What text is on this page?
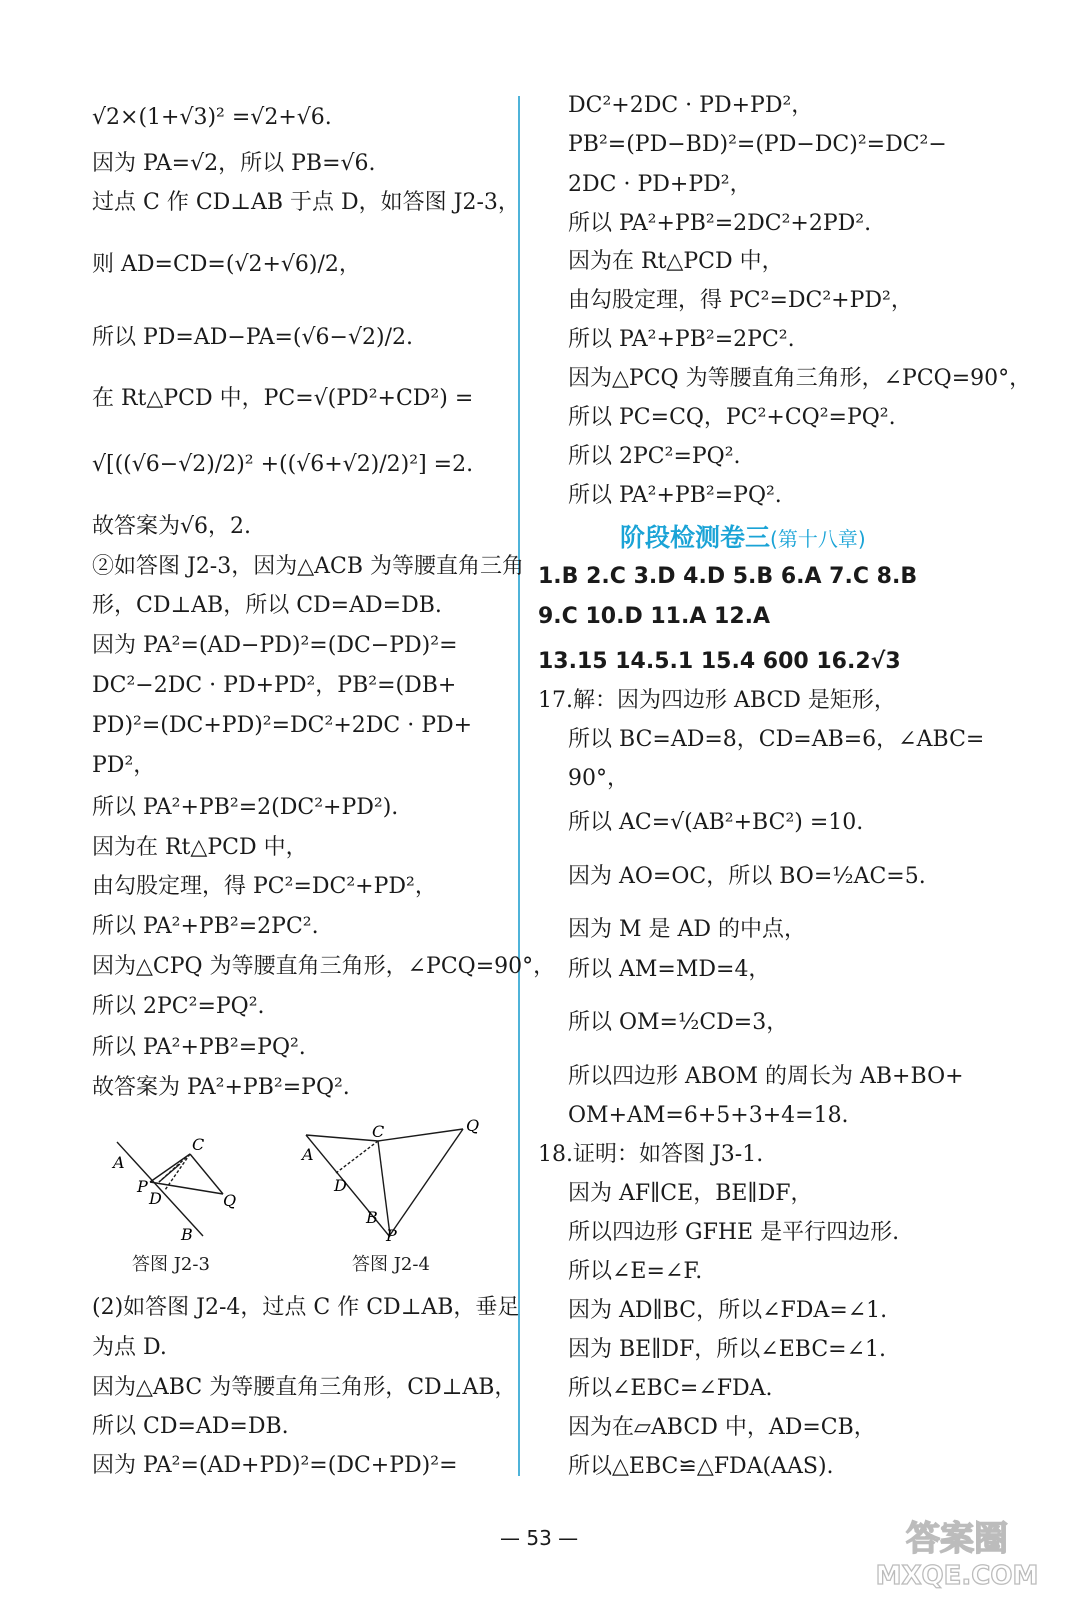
√2×(1+√3)² =√2+√6.
因为 PA=√2，所以 PB=√6.
过点 C 作 CD⊥AB 于点 D，如答图 J2-3，
则 AD=CD=(√2+√6)/2，
所以 PD=AD−PA=(√6−√2)/2.
在 Rt△PCD 中，PC=√(PD²+CD²) =
√[((√6−√2)/2)² +((√6+√2)/2)²] =2.
故答案为√6，2.
②如答图 J2-3，因为△ACB 为等腰直角三角
形，CD⊥AB，所以 CD=AD=DB.
因为 PA²=(AD−PD)²=(DC−PD)²=
DC²−2DC · PD+PD²，PB²=(DB+
PD)²=(DC+PD)²=DC²+2DC · PD+
PD²，
所以 PA²+PB²=2(DC²+PD²).
因为在 Rt△PCD 中，
由勾股定理，得 PC²=DC²+PD²，
所以 PA²+PB²=2PC².
因为△CPQ 为等腰直角三角形，∠PCQ=90°，
所以 2PC²=PQ².
所以 PA²+PB²=PQ².
故答案为 PA²+PB²=PQ².
(2)如答图 J2-4，过点 C 作 CD⊥AB，垂足
为点 D.
因为△ABC 为等腰直角三角形，CD⊥AB，
所以 CD=AD=DB.
因为 PA²=(AD+PD)²=(DC+PD)²=
DC²+2DC · PD+PD²，
PB²=(PD−BD)²=(PD−DC)²=DC²−
2DC · PD+PD²，
所以 PA²+PB²=2DC²+2PD².
因为在 Rt△PCD 中，
由勾股定理，得 PC²=DC²+PD²，
所以 PA²+PB²=2PC².
因为△PCQ 为等腰直角三角形，∠PCQ=90°，
所以 PC=CQ，PC²+CQ²=PQ².
所以 2PC²=PQ².
所以 PA²+PB²=PQ².
1.B 2.C 3.D 4.D 5.B 6.A 7.C 8.B
9.C 10.D 11.A 12.A
13.15 14.5.1 15.4 600 16.2√3
17.解：因为四边形 ABCD 是矩形，
所以 BC=AD=8，CD=AB=6，∠ABC=
90°，
所以 AC=√(AB²+BC²) =10.
因为 AO=OC，所以 BO=½AC=5.
因为 M 是 AD 的中点，
所以 AM=MD=4，
所以 OM=½CD=3，
所以四边形 ABOM 的周长为 AB+BO+
OM+AM=6+5+3+4=18.
18.证明：如答图 J3-1.
因为 AF∥CE，BE∥DF，
所以四边形 GFHE 是平行四边形.
所以∠E=∠F.
因为 AD∥BC，所以∠FDA=∠1.
因为 BE∥DF，所以∠EBC=∠1.
所以∠EBC=∠FDA.
因为在▱ABCD 中，AD=CB，
所以△EBC≌△FDA(AAS).
阶段检测卷三(第十八章)
A
C
P
D	Q
B
答图 J2-3
A
C	Q
D
B
P
答图 J2-4
— 53 —	答案圈
MXQE.COM
